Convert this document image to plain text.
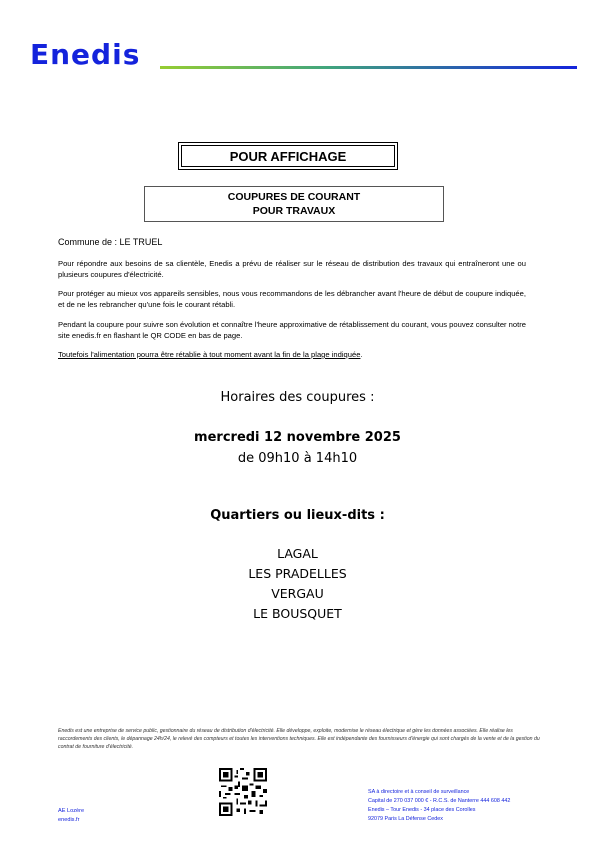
Enedis
POUR AFFICHAGE
COUPURES DE COURANT
POUR TRAVAUX
Commune de : LE TRUEL
Pour répondre aux besoins de sa clientèle, Enedis a prévu de réaliser sur le réseau de distribution des travaux qui entraîneront une ou plusieurs coupures d'électricité.
Pour protéger au mieux vos appareils sensibles, nous vous recommandons de les débrancher avant l'heure de début de coupure indiquée, et de ne les rebrancher qu'une fois le courant rétabli.
Pendant la coupure pour suivre son évolution et connaître l'heure approximative de rétablissement du courant, vous pouvez consulter notre site enedis.fr en flashant le QR CODE en bas de page.
Toutefois l'alimentation pourra être rétablie à tout moment avant la fin de la plage indiquée.
Horaires des coupures :
mercredi 12 novembre 2025
de 09h10 à 14h10
Quartiers ou lieux-dits :
LAGAL
LES PRADELLES
VERGAU
LE BOUSQUET
Enedis est une entreprise de service public, gestionnaire du réseau de distribution d'électricité. Elle développe, exploite, modernise le réseau électrique et gère les données associées. Elle réalise les raccordements des clients, le dépannage 24h/24, le relevé des compteurs et toutes les interventions techniques. Elle est indépendante des fournisseurs d'énergie qui sont chargés de la vente et de la gestion du contrat de fourniture d'électricité.
AE Lozère
enedis.fr
SA à directoire et à conseil de surveillance
Capital de 270 037 000 € - R.C.S. de Nanterre 444 608 442
Enedis – Tour Enedis - 34 place des Corolles
92079 Paris La Défense Cedex
